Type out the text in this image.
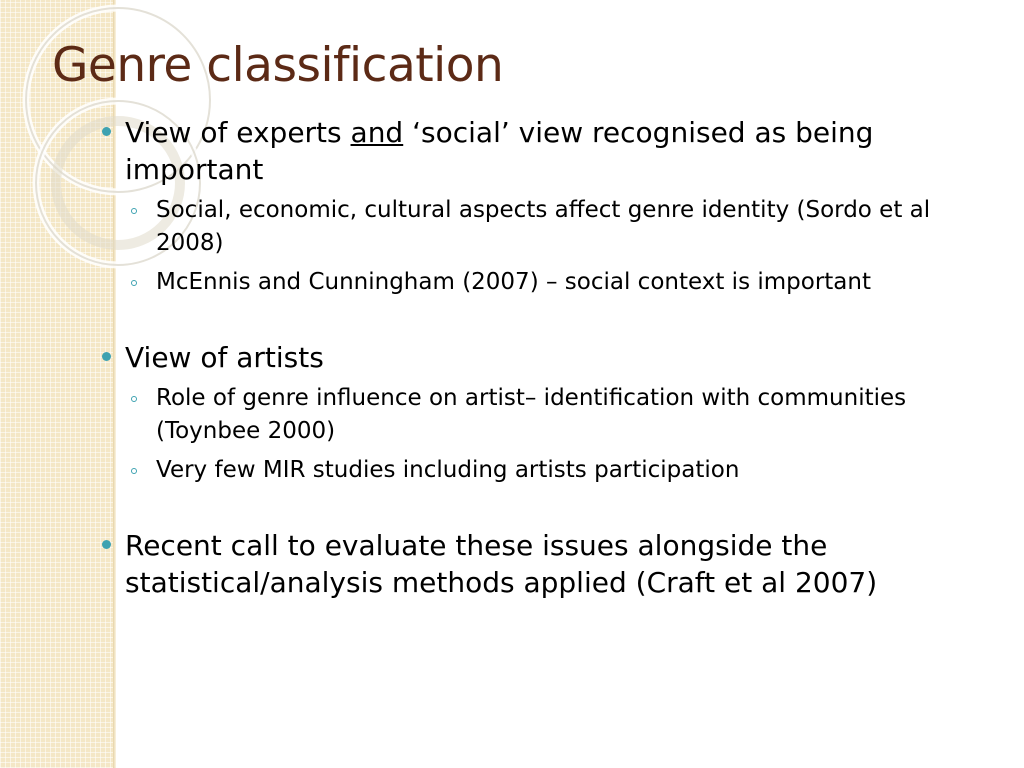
Genre classification

View of experts and ‘social’ view recognised as being important

Social, economic, cultural aspects affect genre identity (Sordo et al 2008)

McEnnis and Cunningham (2007) – social context is important

View of artists

Role of genre influence on artist– identification with communities (Toynbee 2000)

Very few MIR studies including artists participation

Recent call to evaluate these issues alongside the statistical/analysis methods applied (Craft et al 2007)
